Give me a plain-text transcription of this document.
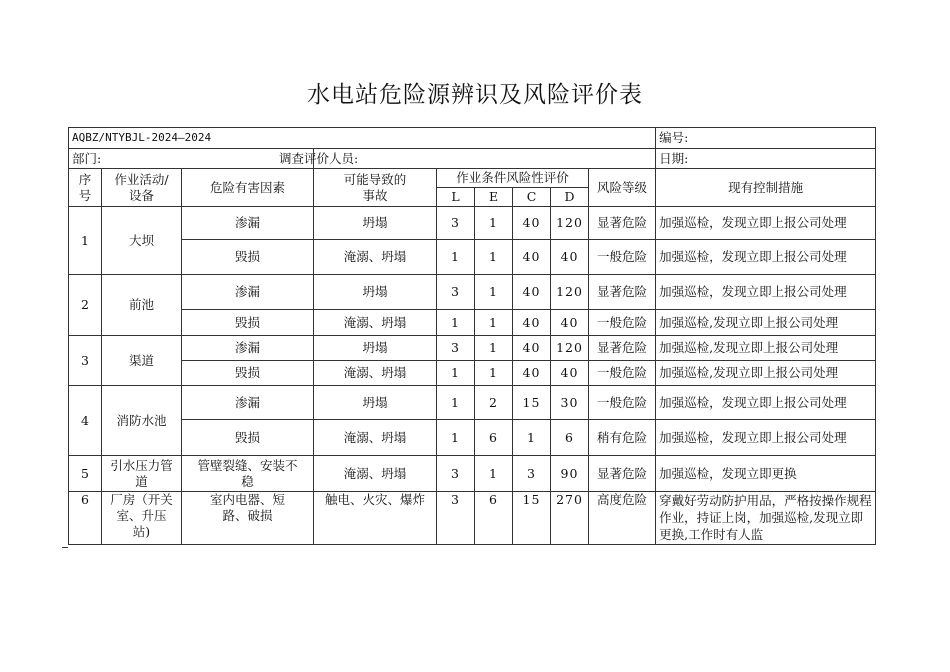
水电站危险源辨识及风险评价表
AQBZ/NTYBJL-2024—2024									编号:
部门:			调查评价人员:						日期:
序号	作业活动/设备	危险有害因素	可能导致的事故	作业条件风险性评价				风险等级	现有控制措施
				L	E	C	D		
1	大坝	渗漏	坍塌	3	1	40	120	显著危险	加强巡检，发现立即上报公司处理
		毁损	淹溺、坍塌	1	1	40	40	一般危险	加强巡检，发现立即上报公司处理
2	前池	渗漏	坍塌	3	1	40	120	显著危险	加强巡检，发现立即上报公司处理
		毁损	淹溺、坍塌	1	1	40	40	一般危险	加强巡检,发现立即上报公司处理
3	渠道	渗漏	坍塌	3	1	40	120	显著危险	加强巡检,发现立即上报公司处理
		毁损	淹溺、坍塌	1	1	40	40	一般危险	加强巡检,发现立即上报公司处理
4	消防水池	渗漏	坍塌	1	2	15	30	一般危险	加强巡检，发现立即上报公司处理
		毁损	淹溺、坍塌	1	6	1	6	稍有危险	加强巡检，发现立即上报公司处理
5	引水压力管道	管壁裂缝、安装不稳	淹溺、坍塌	3	1	3	90	显著危险	加强巡检，发现立即更换
6	厂房（开关室、升压站)	室内电器、短路、破损	触电、火灾、爆炸	3	6	15	270	高度危险	穿戴好劳动防护用品，严格按操作规程作业，持证上岗，加强巡检,发现立即更换,工作时有人监
